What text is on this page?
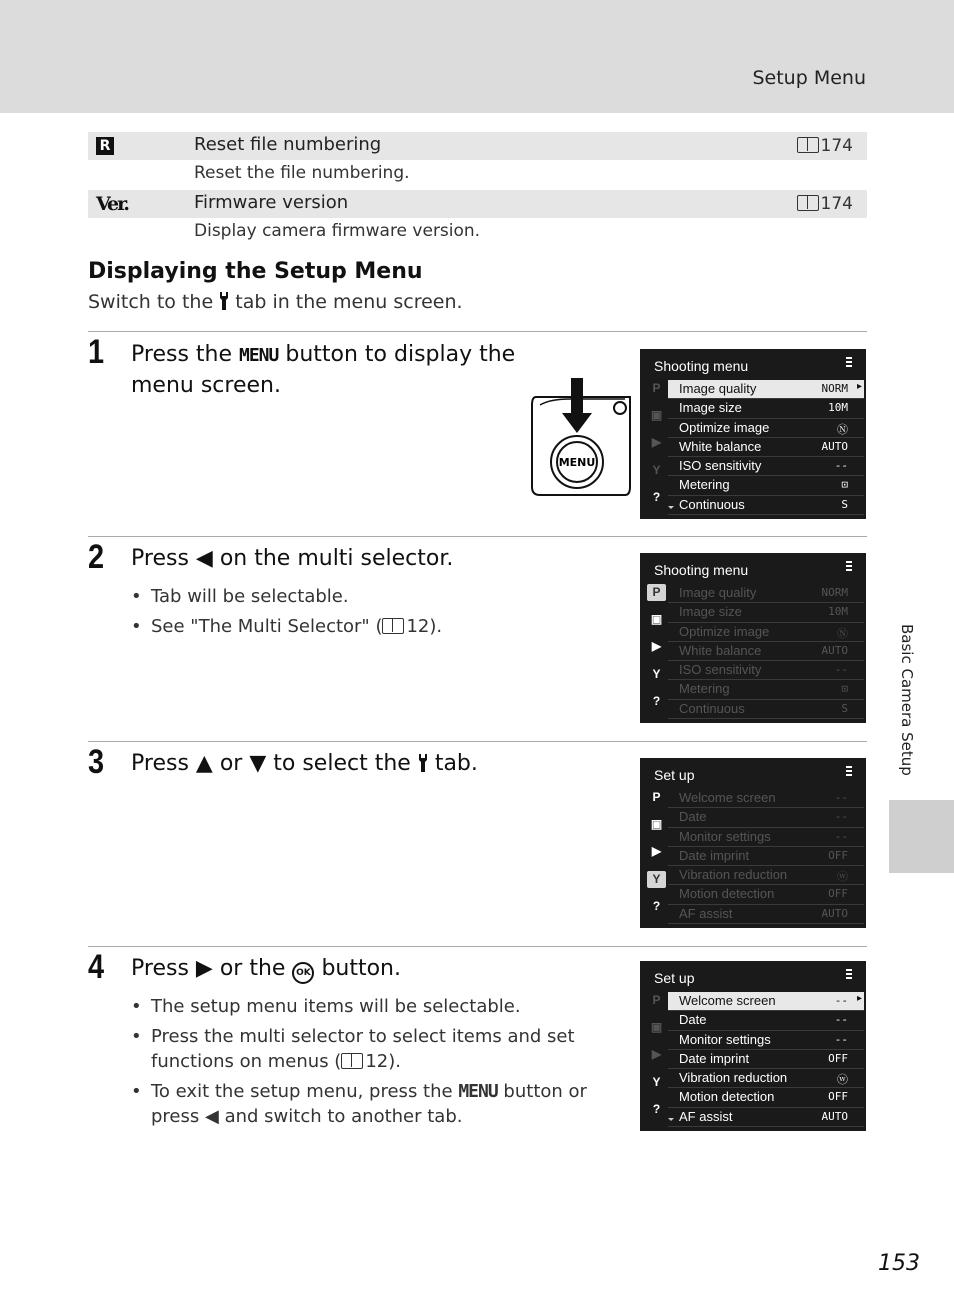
Setup Menu
R	Reset file numbering	174
Reset the file numbering.
Ver.	Firmware version	174
Display camera firmware version.
Displaying the Setup Menu
Switch to the tab in the menu screen.
1 Press the MENU button to display the menu screen.
MENU
Shooting menu
P
▣
▶
Y
?
Image quality	NORM
▸
Image size	10M
Optimize image	Ⓝ
White balance	AUTO
ISO sensitivity	--
Metering	⊡
Continuous	S
2 Press ◀ on the multi selector.
• Tab will be selectable.
• See "The Multi Selector" ( 12).
Shooting menu
P
▣
▶
Y
?
Image quality	NORM
Image size	10M
Optimize image	Ⓝ
White balance	AUTO
ISO sensitivity	--
Metering	⊡
Continuous	S
3 Press ▲ or ▼ to select the tab.	Set up
P
▣
▶
Y
?
Welcome screen	--
Date	--
Monitor settings	--
Date imprint	OFF
Vibration reduction	ⓦ
Motion detection	OFF
AF assist	AUTO
4 Press ▶ or the OK button.
• The setup menu items will be selectable.
• Press the multi selector to select items and set functions on menus ( 12).
• To exit the setup menu, press the MENU button or press ◀ and switch to another tab.
Set up
P
▣
▶
Y
?
Welcome screen	--
▸
Date	--
Monitor settings	--
Date imprint	OFF
Vibration reduction	ⓦ
Motion detection	OFF
AF assist	AUTO
Basic Camera Setup
153
